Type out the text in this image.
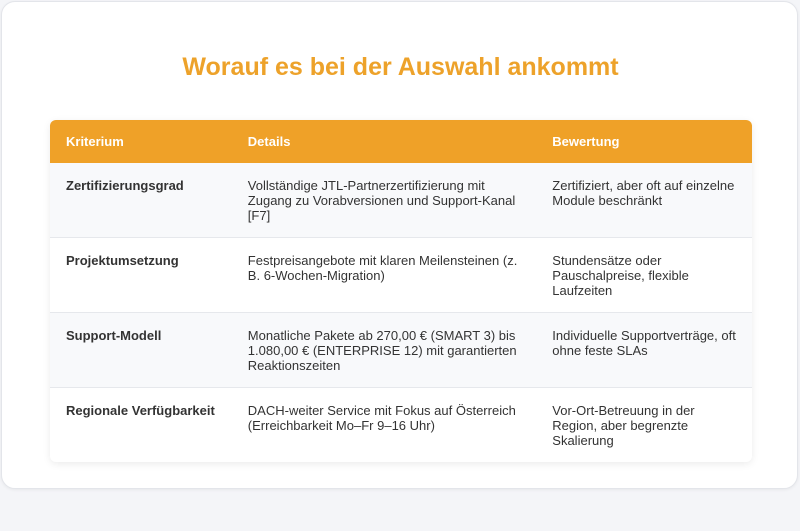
Worauf es bei der Auswahl ankommt
Kriterium	Details	Bewertung
Zertifizierungsgrad	Vollständige JTL-Partnerzertifizierung mit Zugang zu Vorabversionen und Support-Kanal [F7]	Zertifiziert, aber oft auf einzelne Module beschränkt
Projektumsetzung	Festpreisangebote mit klaren Meilensteinen (z. B. 6-Wochen-Migration)	Stundensätze oder Pauschalpreise, flexible Laufzeiten
Support-Modell	Monatliche Pakete ab 270,00 € (SMART 3) bis 1.080,00 € (ENTERPRISE 12) mit garantierten Reaktionszeiten	Individuelle Supportverträge, oft ohne feste SLAs
Regionale Verfügbarkeit	DACH-weiter Service mit Fokus auf Österreich (Erreichbarkeit Mo–Fr 9–16 Uhr)	Vor-Ort-Betreuung in der Region, aber begrenzte Skalierung
